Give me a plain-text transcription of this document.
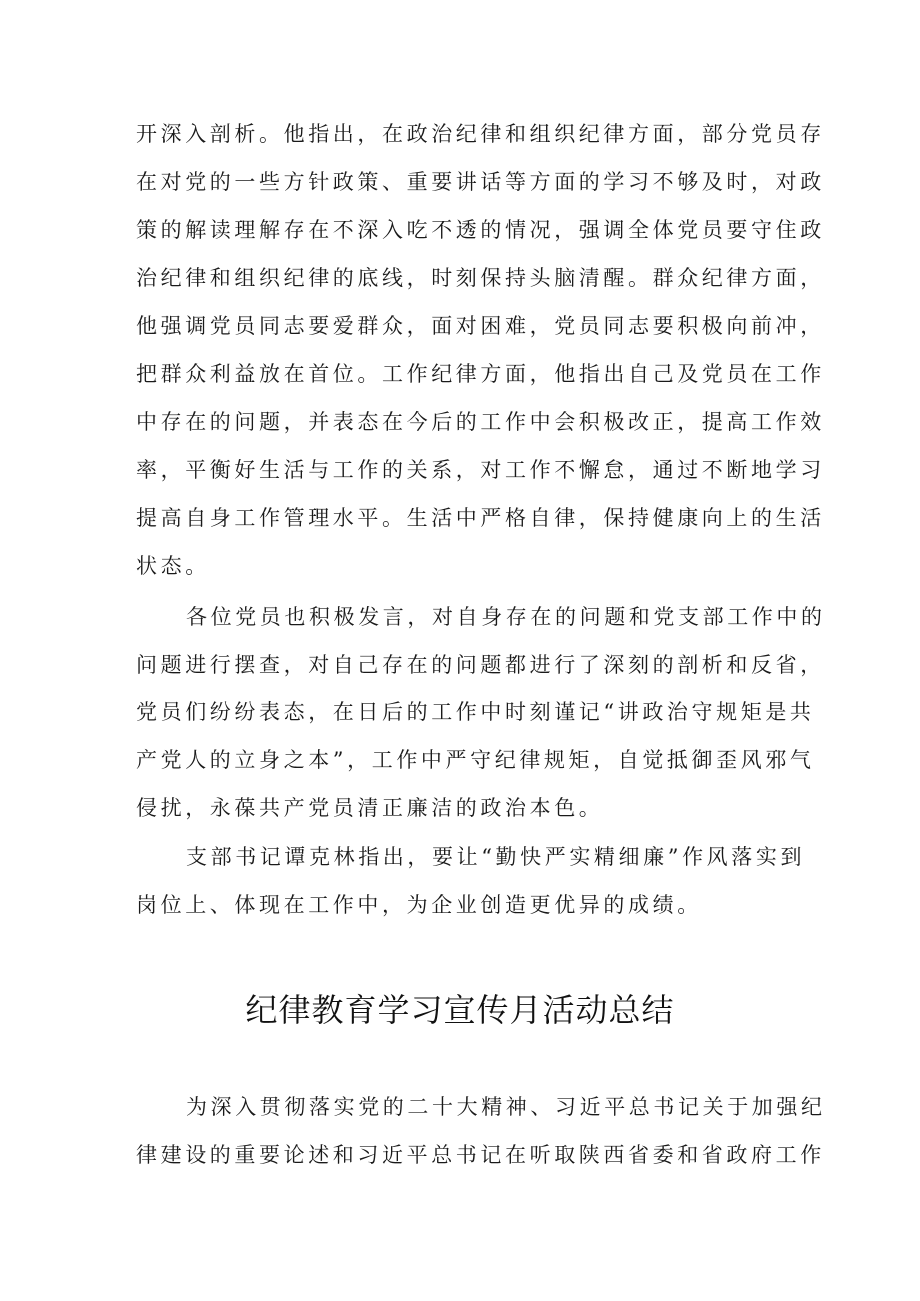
开深入剖析。他指出，在政治纪律和组织纪律方面，部分党员存
在对党的一些方针政策、重要讲话等方面的学习不够及时，对政
策的解读理解存在不深入吃不透的情况，强调全体党员要守住政
治纪律和组织纪律的底线，时刻保持头脑清醒。群众纪律方面，
他强调党员同志要爱群众，面对困难，党员同志要积极向前冲，
把群众利益放在首位。工作纪律方面，他指出自己及党员在工作
中存在的问题，并表态在今后的工作中会积极改正，提高工作效
率，平衡好生活与工作的关系，对工作不懈怠，通过不断地学习
提高自身工作管理水平。生活中严格自律，保持健康向上的生活
状态。
各位党员也积极发言，对自身存在的问题和党支部工作中的
问题进行摆查，对自己存在的问题都进行了深刻的剖析和反省，
党员们纷纷表态，在日后的工作中时刻谨记“讲政治守规矩是共
产党人的立身之本”，工作中严守纪律规矩，自觉抵御歪风邪气
侵扰，永葆共产党员清正廉洁的政治本色。
支部书记谭克林指出，要让“勤快严实精细廉”作风落实到
岗位上、体现在工作中，为企业创造更优异的成绩。
纪律教育学习宣传月活动总结
为深入贯彻落实党的二十大精神、习近平总书记关于加强纪
律建设的重要论述和习近平总书记在听取陕西省委和省政府工作
